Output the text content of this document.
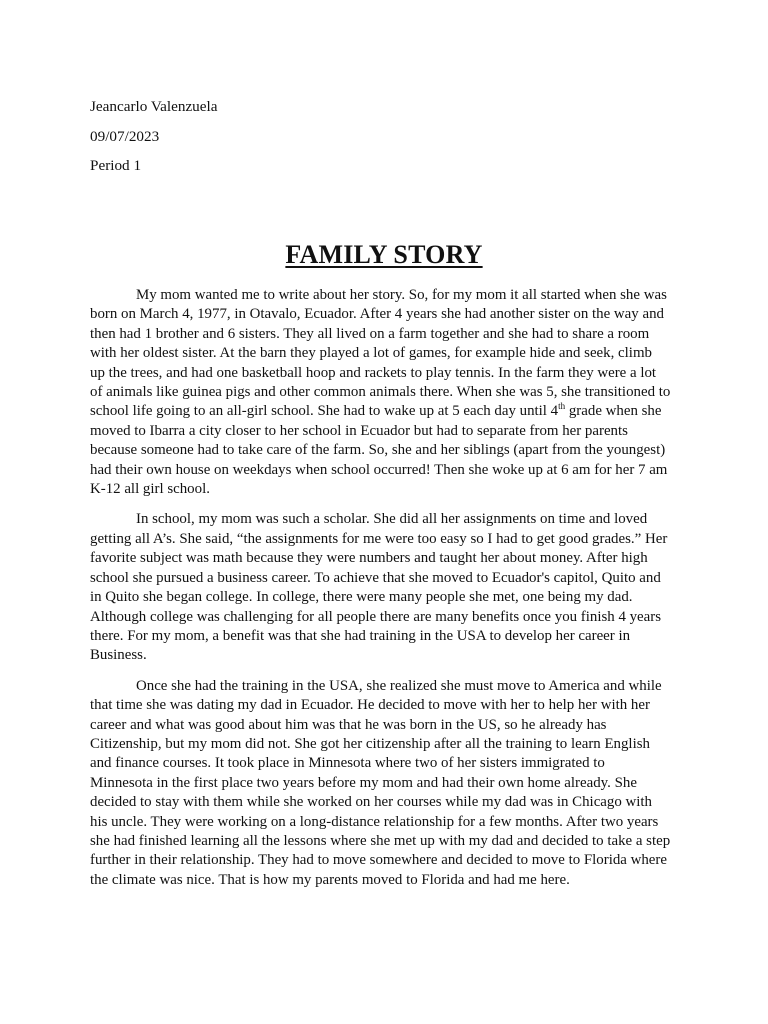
Jeancarlo Valenzuela
09/07/2023
Period 1
FAMILY STORY

My mom wanted me to write about her story. So, for my mom it all started when she was
born on March 4, 1977, in Otavalo, Ecuador. After 4 years she had another sister on the way and
then had 1 brother and 6 sisters. They all lived on a farm together and she had to share a room
with her oldest sister. At the barn they played a lot of games, for example hide and seek, climb
up the trees, and had one basketball hoop and rackets to play tennis. In the farm they were a lot
of animals like guinea pigs and other common animals there. When she was 5, she transitioned to
school life going to an all-girl school. She had to wake up at 5 each day until 4th grade when she
moved to Ibarra a city closer to her school in Ecuador but had to separate from her parents
because someone had to take care of the farm. So, she and her siblings (apart from the youngest)
had their own house on weekdays when school occurred! Then she woke up at 6 am for her 7 am
K-12 all girl school.

In school, my mom was such a scholar. She did all her assignments on time and loved
getting all A’s. She said, “the assignments for me were too easy so I had to get good grades.” Her
favorite subject was math because they were numbers and taught her about money. After high
school she pursued a business career. To achieve that she moved to Ecuador's capitol, Quito and
in Quito she began college. In college, there were many people she met, one being my dad.
Although college was challenging for all people there are many benefits once you finish 4 years
there. For my mom, a benefit was that she had training in the USA to develop her career in
Business.

Once she had the training in the USA, she realized she must move to America and while
that time she was dating my dad in Ecuador. He decided to move with her to help her with her
career and what was good about him was that he was born in the US, so he already has
Citizenship, but my mom did not. She got her citizenship after all the training to learn English
and finance courses. It took place in Minnesota where two of her sisters immigrated to
Minnesota in the first place two years before my mom and had their own home already. She
decided to stay with them while she worked on her courses while my dad was in Chicago with
his uncle. They were working on a long-distance relationship for a few months. After two years
she had finished learning all the lessons where she met up with my dad and decided to take a step
further in their relationship. They had to move somewhere and decided to move to Florida where
the climate was nice. That is how my parents moved to Florida and had me here.
